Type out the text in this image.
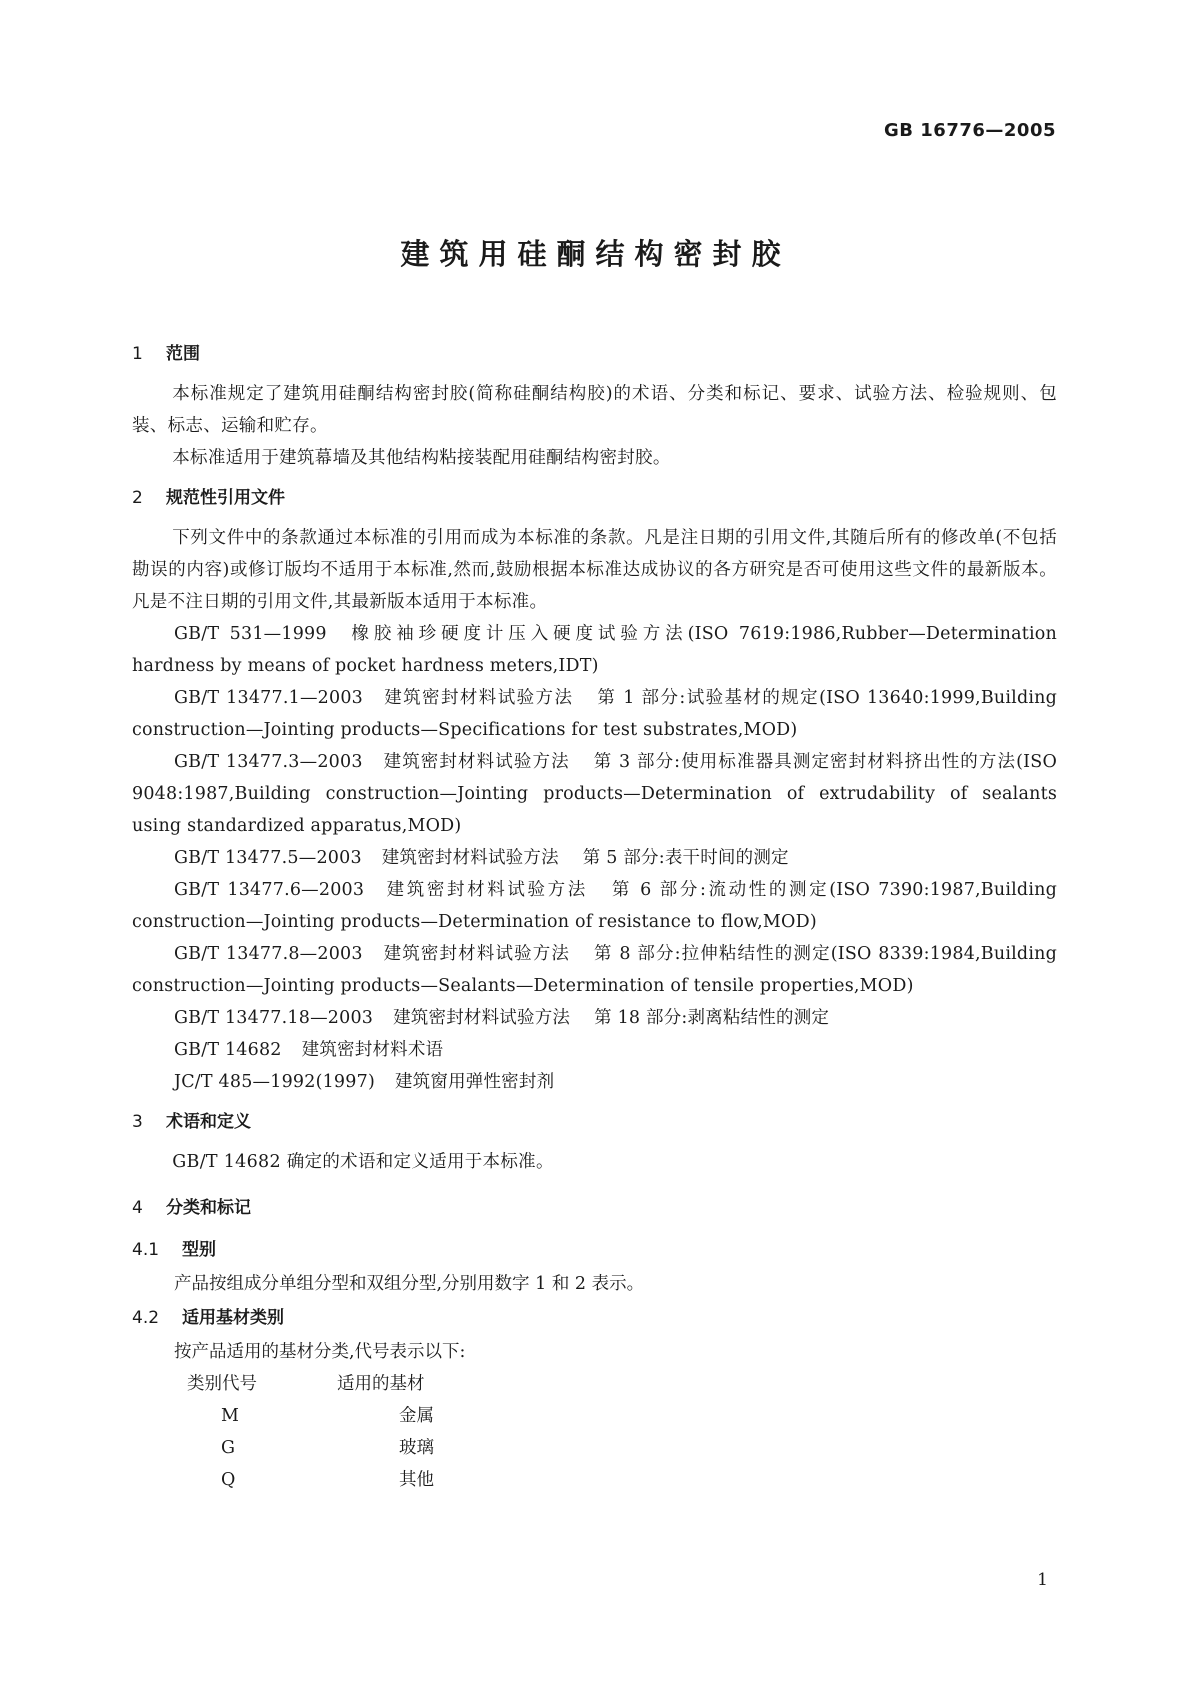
GB 16776—2005
建筑用硅酮结构密封胶
1 范围

本标准规定了建筑用硅酮结构密封胶(简称硅酮结构胶)的术语、分类和标记、要求、试验方法、检验规则、包装、标志、运输和贮存。

本标准适用于建筑幕墙及其他结构粘接装配用硅酮结构密封胶。

2 规范性引用文件

下列文件中的条款通过本标准的引用而成为本标准的条款。凡是注日期的引用文件,其随后所有的修改单(不包括勘误的内容)或修订版均不适用于本标准,然而,鼓励根据本标准达成协议的各方研究是否可使用这些文件的最新版本。凡是不注日期的引用文件,其最新版本适用于本标准。

GB/T 531—1999 橡胶袖珍硬度计压入硬度试验方法(ISO 7619:1986,Rubber—Determination hardness by means of pocket hardness meters,IDT)

GB/T 13477.1—2003 建筑密封材料试验方法 第 1 部分:试验基材的规定(ISO 13640:1999,Building construction—Jointing products—Specifications for test substrates,MOD)

GB/T 13477.3—2003 建筑密封材料试验方法 第 3 部分:使用标准器具测定密封材料挤出性的方法(ISO 9048:1987,Building construction—Jointing products—Determination of extrudability of sealants using standardized apparatus,MOD)

GB/T 13477.5—2003 建筑密封材料试验方法 第 5 部分:表干时间的测定

GB/T 13477.6—2003 建筑密封材料试验方法 第 6 部分:流动性的测定(ISO 7390:1987,Building construction—Jointing products—Determination of resistance to flow,MOD)

GB/T 13477.8—2003 建筑密封材料试验方法 第 8 部分:拉伸粘结性的测定(ISO 8339:1984,Building construction—Jointing products—Sealants—Determination of tensile properties,MOD)

GB/T 13477.18—2003 建筑密封材料试验方法 第 18 部分:剥离粘结性的测定

GB/T 14682 建筑密封材料术语

JC/T 485—1992(1997) 建筑窗用弹性密封剂

3 术语和定义

GB/T 14682 确定的术语和定义适用于本标准。

4 分类和标记
4.1 型别

产品按组成分单组分型和双组分型,分别用数字 1 和 2 表示。

4.2 适用基材类别

按产品适用的基材分类,代号表示以下:

类别代号	适用的基材
M	金属
G	玻璃
Q	其他
1
